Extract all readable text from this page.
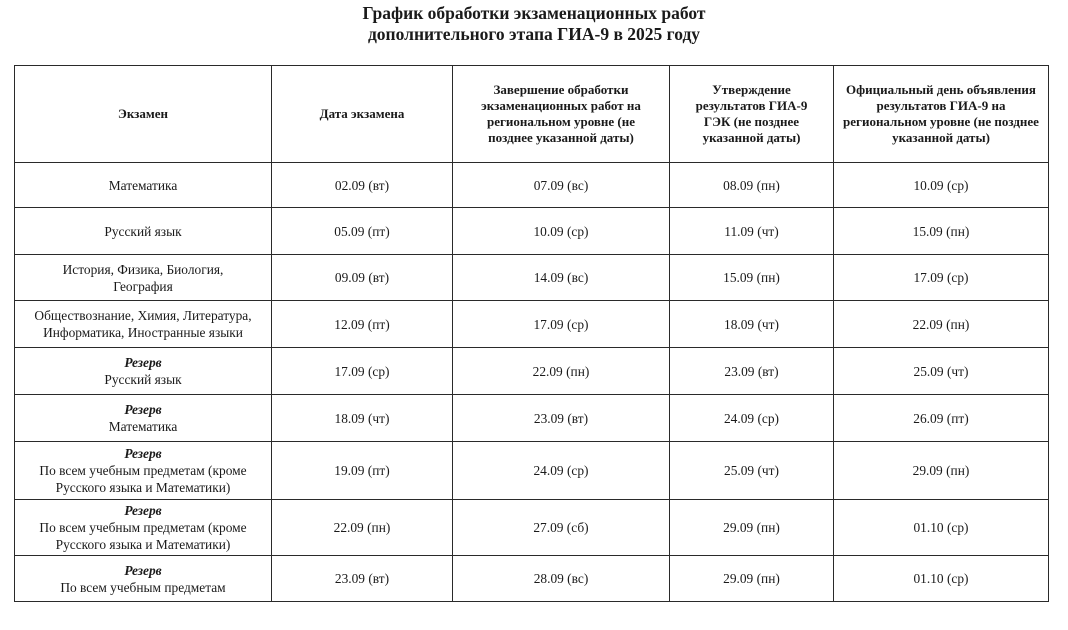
График обработки экзаменационных работ
дополнительного этапа ГИА-9 в 2025 году
Экзамен	Дата экзамена	Завершение обработки экзаменационных работ на региональном уровне (не позднее указанной даты)	Утверждение результатов ГИА-9 ГЭК (не позднее указанной даты)	Официальный день объявления результатов ГИА-9 на региональном уровне (не позднее указанной даты)

Математика	02.09 (вт)	07.09 (вс)	08.09 (пн)	10.09 (ср)

Русский язык	05.09 (пт)	10.09 (ср)	11.09 (чт)	15.09 (пн)

История, Физика, Биология, География	09.09 (вт)	14.09 (вс)	15.09 (пн)	17.09 (ср)

Обществознание, Химия, Литература, Информатика, Иностранные языки	12.09 (пт)	17.09 (ср)	18.09 (чт)	22.09 (пн)

Резерв
Русский язык	17.09 (ср)	22.09 (пн)	23.09 (вт)	25.09 (чт)

Резерв
Математика	18.09 (чт)	23.09 (вт)	24.09 (ср)	26.09 (пт)

Резерв
По всем учебным предметам (кроме Русского языка и Математики)	19.09 (пт)	24.09 (ср)	25.09 (чт)	29.09 (пн)

Резерв
По всем учебным предметам (кроме Русского языка и Математики)	22.09 (пн)	27.09 (сб)	29.09 (пн)	01.10 (ср)

Резерв
По всем учебным предметам	23.09 (вт)	28.09 (вс)	29.09 (пн)	01.10 (ср)
